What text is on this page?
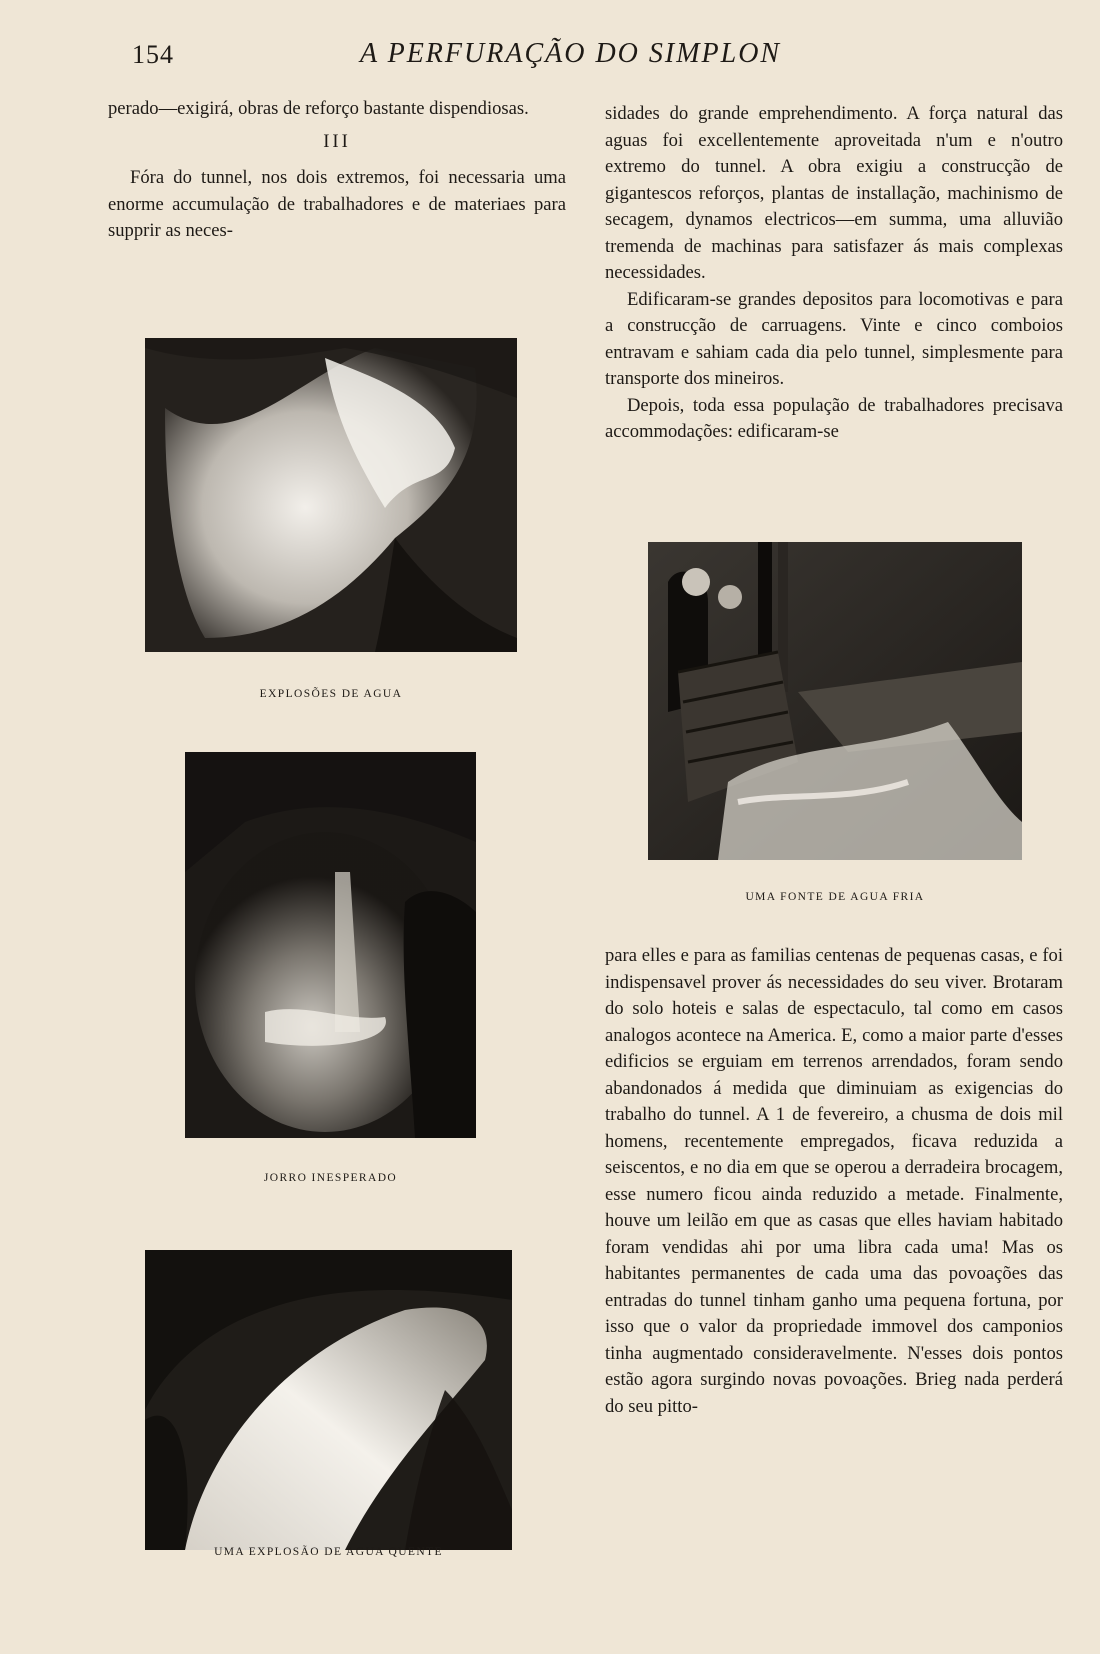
154	A PERFURAÇÃO DO SIMPLON

perado—exigirá, obras de reforço bastante dispendiosas.

III

Fóra do tunnel, nos dois extremos, foi necessaria uma enorme accumulação de trabalhadores e de materiaes para supprir as neces-

EXPLOSÕES DE AGUA
JORRO INESPERADO
UMA EXPLOSÃO DE AGUA QUENTE

sidades do grande emprehendimento. A força natural das aguas foi excellentemente aproveitada n'um e n'outro extremo do tunnel. A obra exigiu a construcção de gigantescos reforços, plantas de installação, machinismo de secagem, dynamos electricos—em summa, uma alluvião tremenda de machinas para satisfazer ás mais complexas necessidades.

Edificaram-se grandes depositos para locomotivas e para a construcção de carruagens. Vinte e cinco comboios entravam e sahiam cada dia pelo tunnel, simplesmente para transporte dos mineiros.

Depois, toda essa população de trabalhadores precisava accommodações: edificaram-se

UMA FONTE DE AGUA FRIA

para elles e para as familias centenas de pequenas casas, e foi indispensavel prover ás necessidades do seu viver. Brotaram do solo hoteis e salas de espectaculo, tal como em casos analogos acontece na America. E, como a maior parte d'esses edificios se erguiam em terrenos arrendados, foram sendo abandonados á medida que diminuiam as exigencias do trabalho do tunnel. A 1 de fevereiro, a chusma de dois mil homens, recentemente empregados, ficava reduzida a seiscentos, e no dia em que se operou a derradeira brocagem, esse numero ficou ainda reduzido a metade. Finalmente, houve um leilão em que as casas que elles haviam habitado foram vendidas ahi por uma libra cada uma! Mas os habitantes permanentes de cada uma das povoações das entradas do tunnel tinham ganho uma pequena fortuna, por isso que o valor da propriedade immovel dos camponios tinha augmentado consideravelmente. N'esses dois pontos estão agora surgindo novas povoações. Brieg nada perderá do seu pitto-
